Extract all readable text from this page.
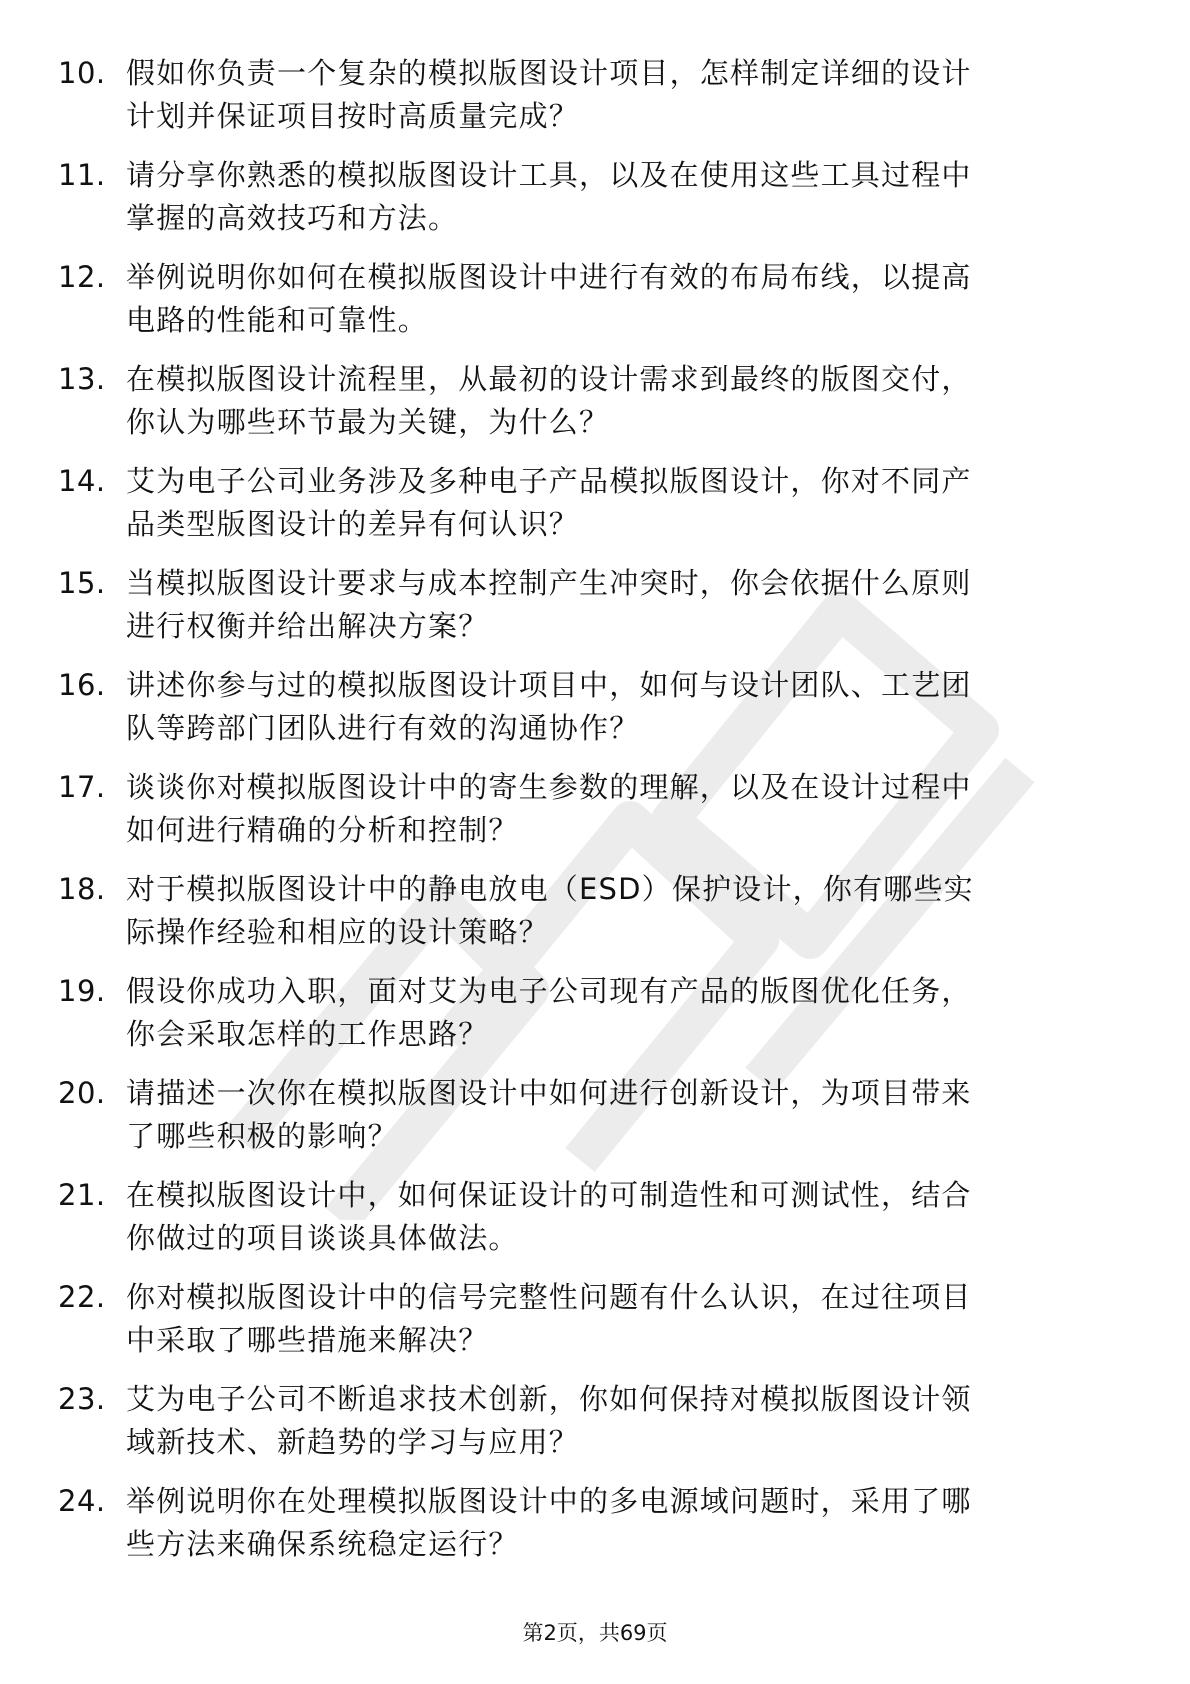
10. 假如你负责一个复杂的模拟版图设计项目，怎样制定详细的设计
计划并保证项目按时高质量完成？
11. 请分享你熟悉的模拟版图设计工具，以及在使用这些工具过程中
掌握的高效技巧和方法。
12. 举例说明你如何在模拟版图设计中进行有效的布局布线，以提高
电路的性能和可靠性。
13. 在模拟版图设计流程里，从最初的设计需求到最终的版图交付，
你认为哪些环节最为关键，为什么？
14. 艾为电子公司业务涉及多种电子产品模拟版图设计，你对不同产
品类型版图设计的差异有何认识？
15. 当模拟版图设计要求与成本控制产生冲突时，你会依据什么原则
进行权衡并给出解决方案？
16. 讲述你参与过的模拟版图设计项目中，如何与设计团队、工艺团
队等跨部门团队进行有效的沟通协作？
17. 谈谈你对模拟版图设计中的寄生参数的理解，以及在设计过程中
如何进行精确的分析和控制？
18. 对于模拟版图设计中的静电放电（ESD）保护设计，你有哪些实
际操作经验和相应的设计策略？
19. 假设你成功入职，面对艾为电子公司现有产品的版图优化任务，
你会采取怎样的工作思路？
20. 请描述一次你在模拟版图设计中如何进行创新设计，为项目带来
了哪些积极的影响？
21. 在模拟版图设计中，如何保证设计的可制造性和可测试性，结合
你做过的项目谈谈具体做法。
22. 你对模拟版图设计中的信号完整性问题有什么认识，在过往项目
中采取了哪些措施来解决？
23. 艾为电子公司不断追求技术创新，你如何保持对模拟版图设计领
域新技术、新趋势的学习与应用？
24. 举例说明你在处理模拟版图设计中的多电源域问题时，采用了哪
些方法来确保系统稳定运行？
第2页，共69页
